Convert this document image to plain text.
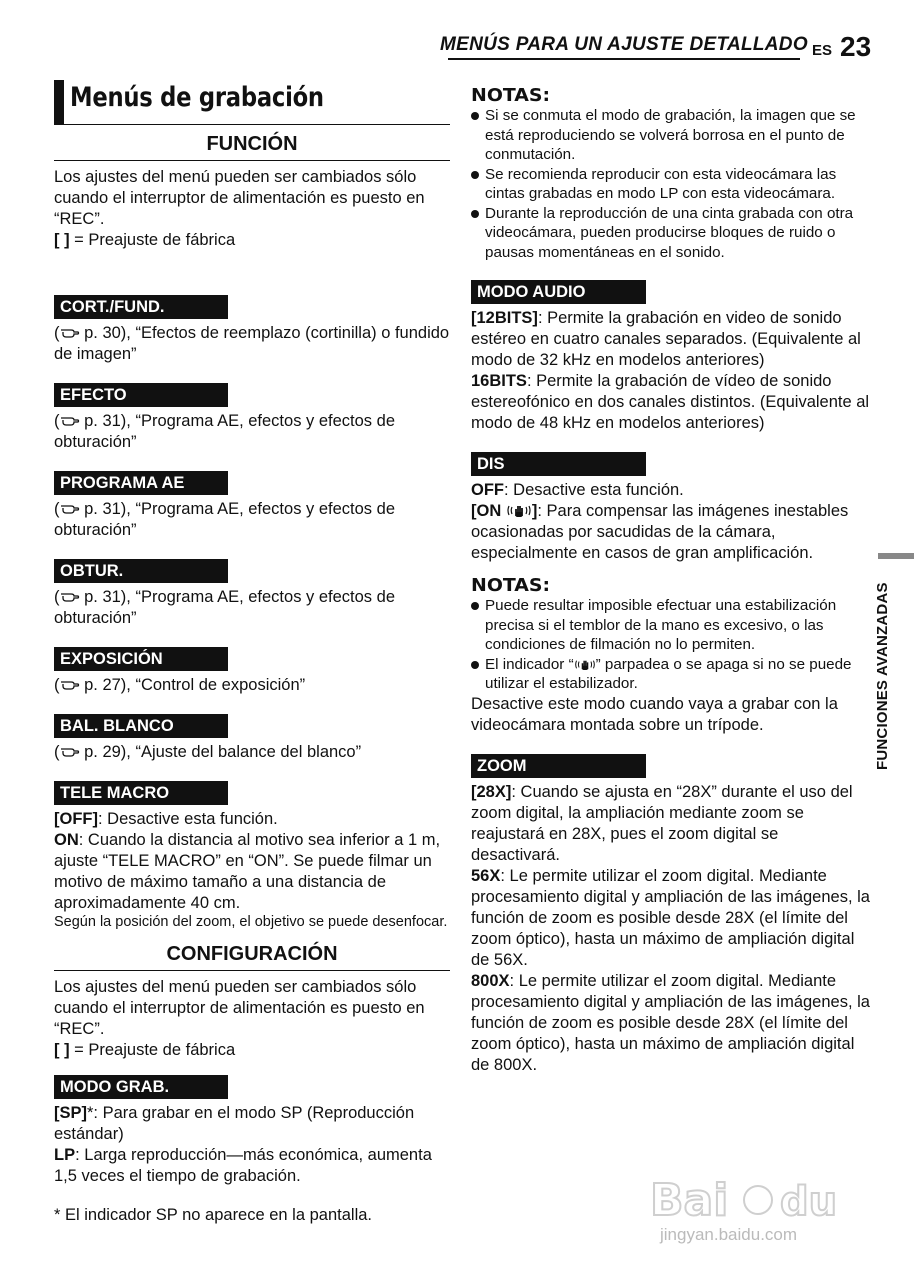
MENÚS PARA UN AJUSTE DETALLADO ES 23
FUNCIONES AVANZADAS
Menús de grabación
FUNCIÓN

Los ajustes del menú pueden ser cambiados sólo cuando el interruptor de alimentación es puesto en “REC”.

[ ] = Preajuste de fábrica

CORT./FUND.

( p. 30), “Efectos de reemplazo (cortinilla) o fundido de imagen”

EFECTO

( p. 31), “Programa AE, efectos y efectos de obturación”

PROGRAMA AE

( p. 31), “Programa AE, efectos y efectos de obturación”

OBTUR.

( p. 31), “Programa AE, efectos y efectos de obturación”

EXPOSICIÓN

( p. 27), “Control de exposición”

BAL. BLANCO

( p. 29), “Ajuste del balance del blanco”

TELE MACRO

[OFF]: Desactive esta función.

ON: Cuando la distancia al motivo sea inferior a 1 m, ajuste “TELE MACRO” en “ON”. Se puede filmar un motivo de máximo tamaño a una distancia de aproximadamente 40 cm.

Según la posición del zoom, el objetivo se puede desenfocar.

CONFIGURACIÓN

Los ajustes del menú pueden ser cambiados sólo cuando el interruptor de alimentación es puesto en “REC”.

[ ] = Preajuste de fábrica

MODO GRAB.

[SP]*: Para grabar en el modo SP (Reproducción estándar)

LP: Larga reproducción—más económica, aumenta 1,5 veces el tiempo de grabación.

* El indicador SP no aparece en la pantalla.

NOTAS:
Si se conmuta el modo de grabación, la imagen que se está reproduciendo se volverá borrosa en el punto de conmutación.
Se recomienda reproducir con esta videocámara las cintas grabadas en modo LP con esta videocámara.
Durante la reproducción de una cinta grabada con otra videocámara, pueden producirse bloques de ruido o pausas momentáneas en el sonido.
MODO AUDIO

[12BITS]: Permite la grabación en video de sonido estéreo en cuatro canales separados. (Equivalente al modo de 32 kHz en modelos anteriores)

16BITS: Permite la grabación de vídeo de sonido estereofónico en dos canales distintos. (Equivalente al modo de 48 kHz en modelos anteriores)

DIS

OFF: Desactive esta función.

[ON ]: Para compensar las imágenes inestables ocasionadas por sacudidas de la cámara, especialmente en casos de gran amplificación.

NOTAS:
Puede resultar imposible efectuar una estabilización precisa si el temblor de la mano es excesivo, o las condiciones de filmación no lo permiten.
El indicador “ ” parpadea o se apaga si no se puede utilizar el estabilizador.

Desactive este modo cuando vaya a grabar con la videocámara montada sobre un trípode.

ZOOM

[28X]: Cuando se ajusta en “28X” durante el uso del zoom digital, la ampliación mediante zoom se reajustará en 28X, pues el zoom digital se desactivará.

56X: Le permite utilizar el zoom digital. Mediante procesamiento digital y ampliación de las imágenes, la función de zoom es posible desde 28X (el límite del zoom óptico), hasta un máximo de ampliación digital de 56X.

800X: Le permite utilizar el zoom digital. Mediante procesamiento digital y ampliación de las imágenes, la función de zoom es posible desde 28X (el límite del zoom óptico), hasta un máximo de ampliación digital de 800X.

Bai du
jingyan.baidu.com
